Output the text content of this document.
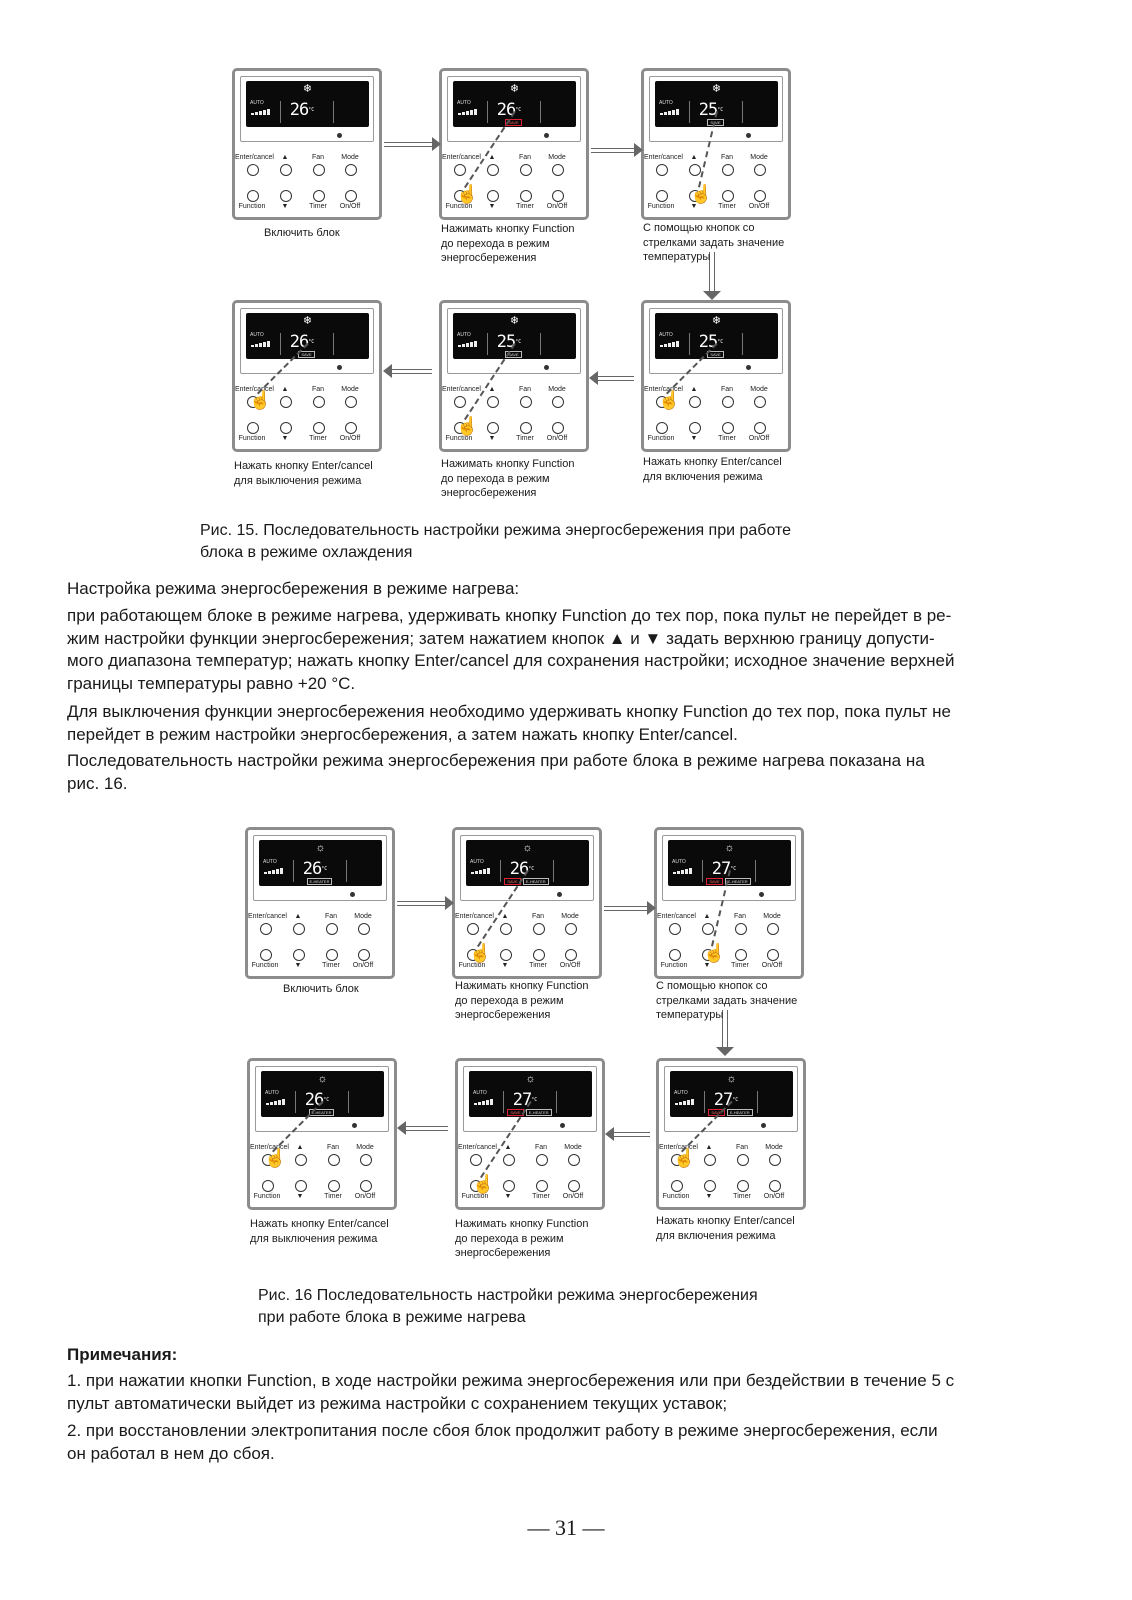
❄
AUTO	$26^{^\circ C}$
Enter/cancel	▲	Fan	Mode
Function	▼	Timer	On/Off
❄
AUTO	$26^{^\circ C}$
SAVE
Enter/cancel	▲	Fan	Mode
Function	▼	Timer	On/Off
☝
❄
AUTO	$25^{^\circ C}$
SAVE
Enter/cancel	▲	Fan	Mode
Function	▼	Timer	On/Off
☝
❄
AUTO	$26^{^\circ C}$
SAVE
Enter/cancel	▲	Fan	Mode
Function	▼	Timer	On/Off
☝
❄
AUTO	$25^{^\circ C}$
SAVE
Enter/cancel	▲	Fan	Mode
Function	▼	Timer	On/Off
☝
❄
AUTO	$25^{^\circ C}$
SAVE
Enter/cancel	▲	Fan	Mode
Function	▼	Timer	On/Off
☝
Включить блок	Нажимать кнопку Function
до перехода в режим
энергосбережения
С помощью кнопок со
стрелками задать значение
температуры
Нажать кнопку Enter/cancel
для выключения режима
Нажимать кнопку Function
до перехода в режим
энергосбережения
Нажать кнопку Enter/cancel
для включения режима
Рис. 15. Последовательность настройки режима энергосбережения при работе
блока в режиме охлаждения
Настройка режима энергосбережения в режиме нагрева:
при работающем блоке в режиме нагрева, удерживать кнопку Function до тех пор, пока пульт не перейдет в ре-
жим настройки функции энергосбережения; затем нажатием кнопок ▲ и ▼ задать верхнюю границу допусти-
мого диапазона температур; нажать кнопку Enter/cancel для сохранения настройки; исходное значение верхней
границы температуры равно +20 °С.
Для выключения функции энергосбережения необходимо удерживать кнопку Function до тех пор, пока пульт не
перейдет в режим настройки энергосбережения, а затем нажать кнопку Enter/cancel.
Последовательность настройки режима энергосбережения при работе блока в режиме нагрева показана на
рис. 16.
☼
AUTO	$26^{^\circ C}$
E-HEATER
Enter/cancel	▲	Fan	Mode
Function	▼	Timer	On/Off
☼
AUTO	$26^{^\circ C}$
SAVE E-HEATER
Enter/cancel	▲	Fan	Mode
Function	▼	Timer	On/Off
☝
☼
AUTO	$27^{^\circ C}$
SAVE E-HEATER
Enter/cancel	▲	Fan	Mode
Function	▼	Timer	On/Off
☝
☼
AUTO	$26^{^\circ C}$
E-HEATER
Enter/cancel	▲	Fan	Mode
Function	▼	Timer	On/Off
☝
☼
AUTO	$27^{^\circ C}$
SAVE E-HEATER
Enter/cancel	▲	Fan	Mode
Function	▼	Timer	On/Off
☝
☼
AUTO	$27^{^\circ C}$
SAVE E-HEATER
Enter/cancel	▲	Fan	Mode
Function	▼	Timer	On/Off
☝
Включить блок	Нажимать кнопку Function
до перехода в режим
энергосбережения
С помощью кнопок со
стрелками задать значение
температуры
Нажать кнопку Enter/cancel
для выключения режима
Нажимать кнопку Function
до перехода в режим
энергосбережения
Нажать кнопку Enter/cancel
для включения режима
Рис. 16 Последовательность настройки режима энергосбережения
при работе блока в режиме нагрева
Примечания:
1. при нажатии кнопки Function, в ходе настройки режима энергосбережения или при бездействии в течение 5 с
пульт автоматически выйдет из режима настройки с сохранением текущих уставок;
2. при восстановлении электропитания после сбоя блок продолжит работу в режиме энергосбережения, если
он работал в нем до сбоя.
— 31 —
